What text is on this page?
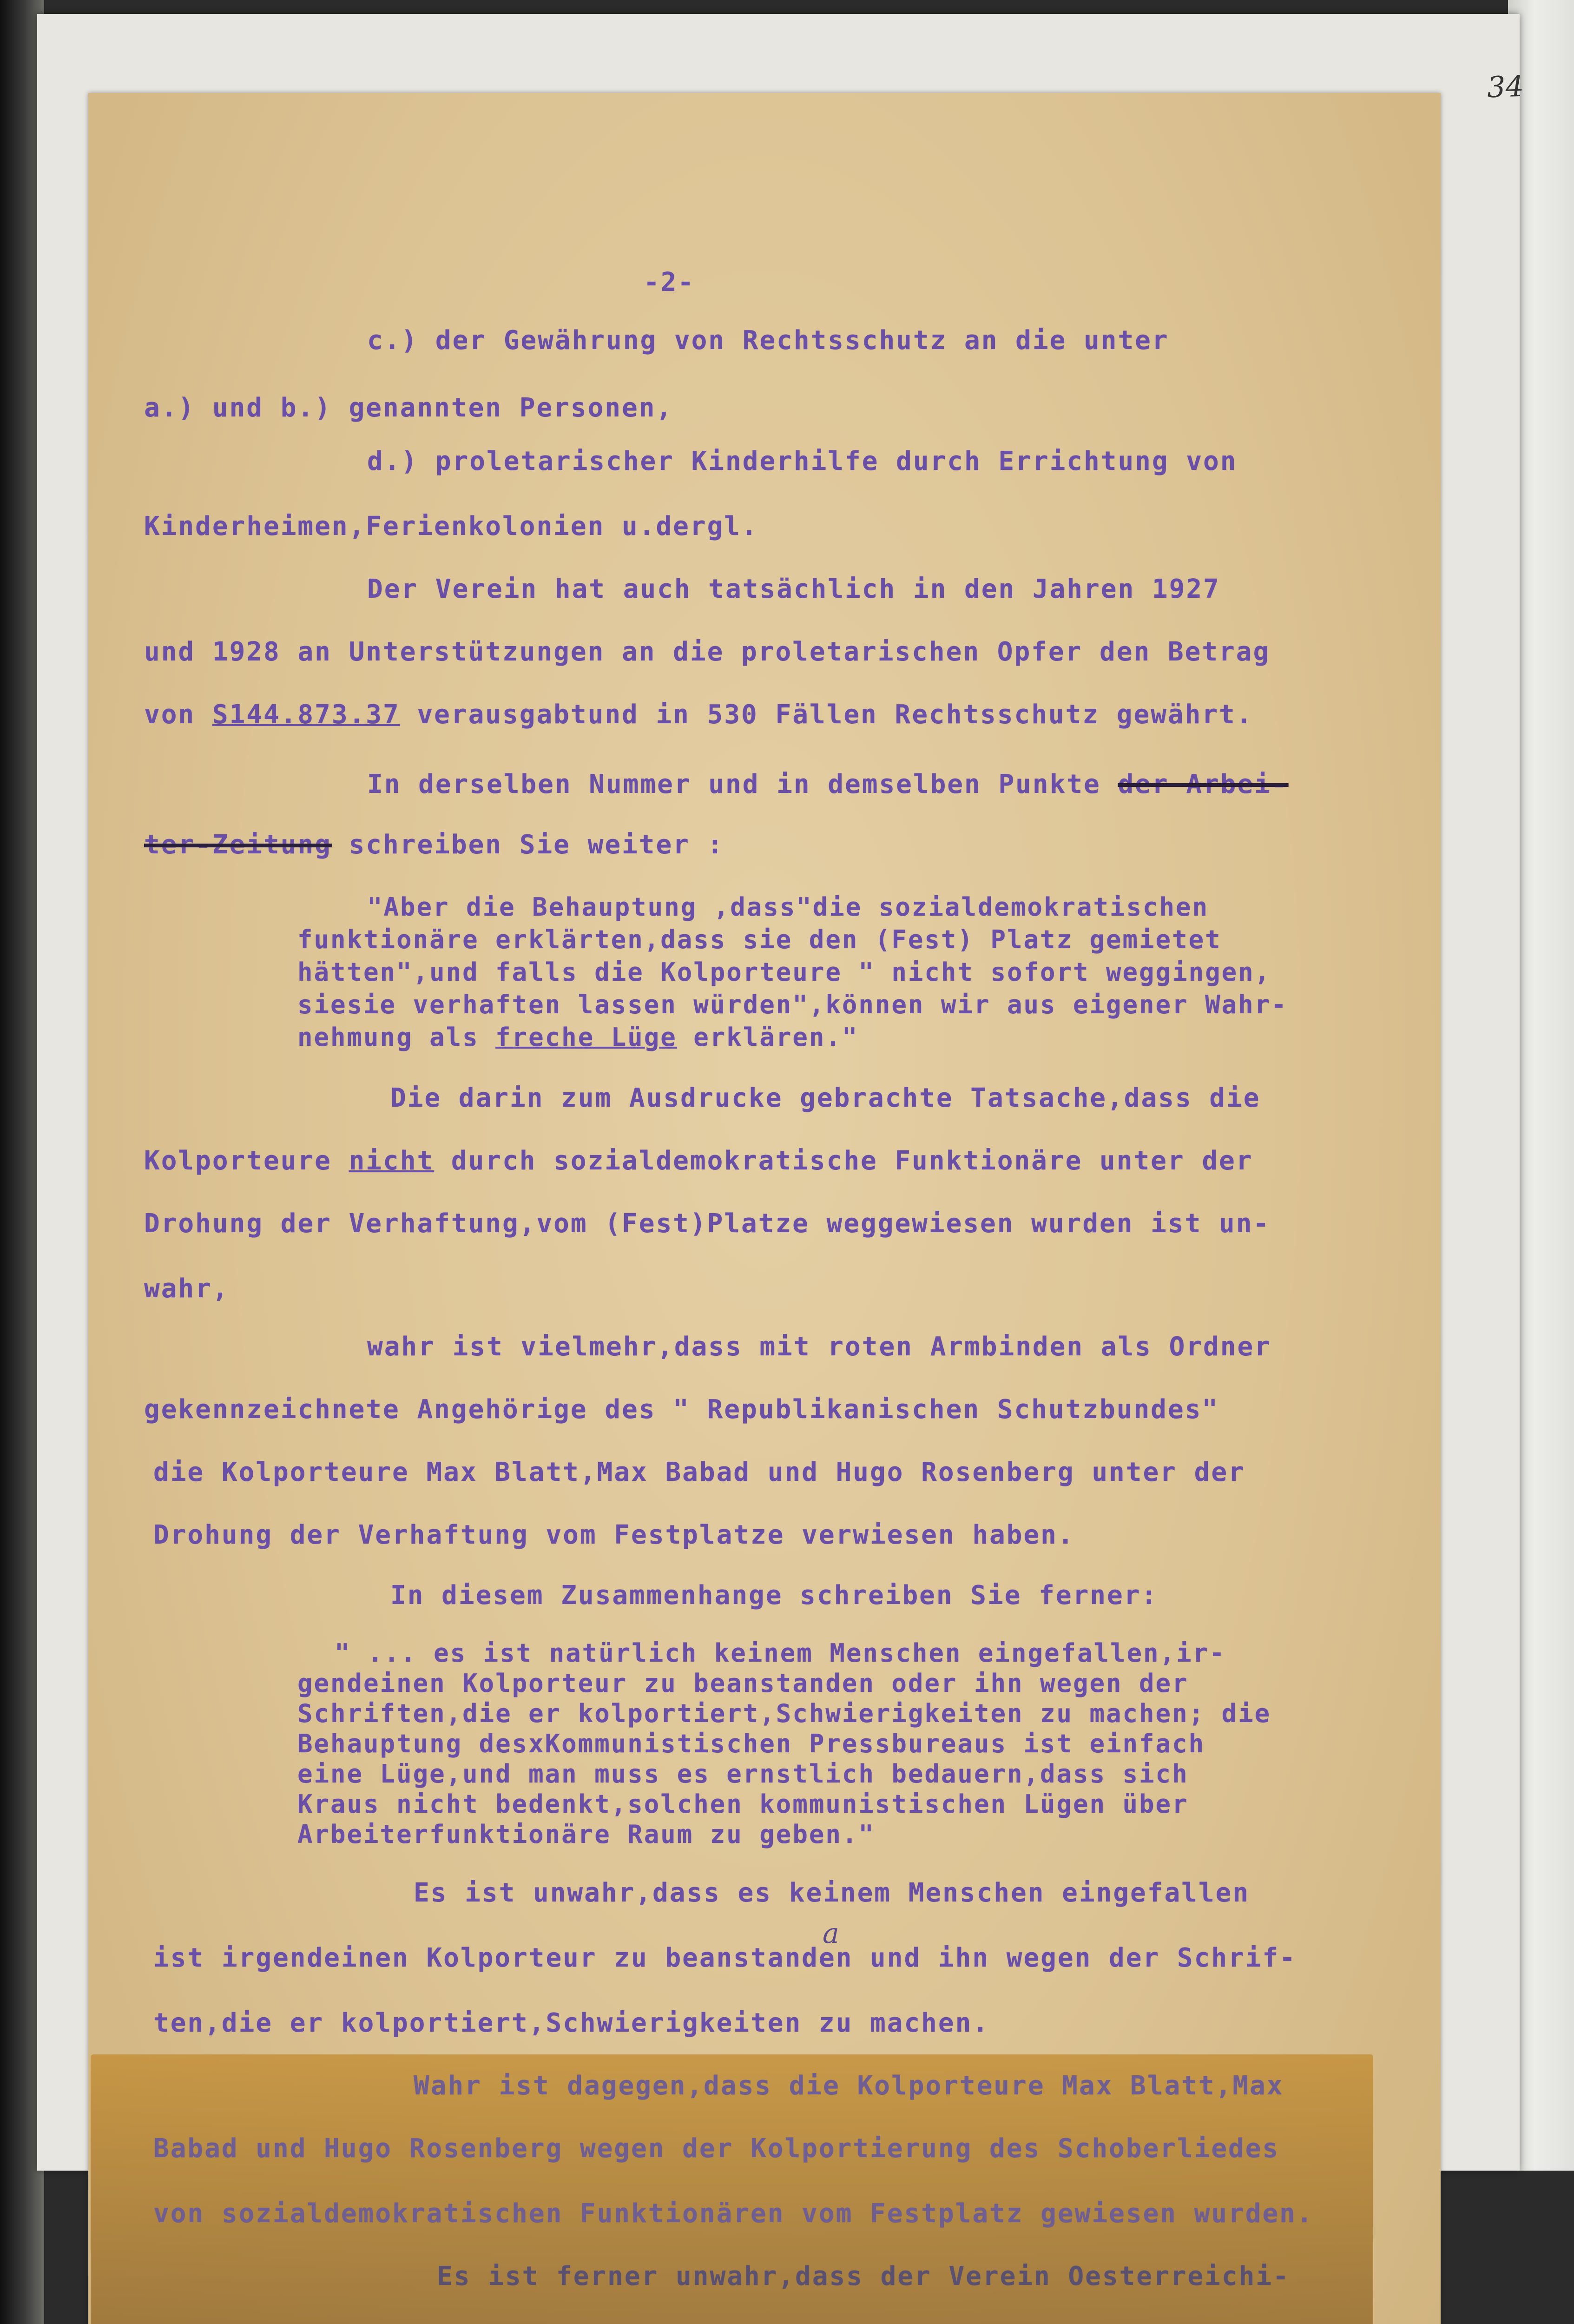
34
-2-
c.) der Gewährung von Rechtsschutz an die unter
a.) und b.) genannten Personen,
d.) proletarischer Kinderhilfe durch Errichtung von
Kinderheimen,Ferienkolonien u.dergl.
Der Verein hat auch tatsächlich in den Jahren 1927
und 1928 an Unterstützungen an die proletarischen Opfer den Betrag
von S144.873.37 verausgabtund in 530 Fällen Rechtsschutz gewährt.
In derselben Nummer und in demselben Punkte der Arbei-
ter-Zeitung schreiben Sie weiter :
"Aber die Behauptung ,dass"die sozialdemokratischen
funktionäre erklärten,dass sie den (Fest) Platz gemietet
hätten",und falls die Kolporteure " nicht sofort weggingen,
siesie verhaften lassen würden",können wir aus eigener Wahr-
nehmung als freche Lüge erklären."
Die darin zum Ausdrucke gebrachte Tatsache,dass die
Kolporteure nicht durch sozialdemokratische Funktionäre unter der
Drohung der Verhaftung,vom (Fest)Platze weggewiesen wurden ist un-
wahr,
wahr ist vielmehr,dass mit roten Armbinden als Ordner
gekennzeichnete Angehörige des " Republikanischen Schutzbundes"
die Kolporteure Max Blatt,Max Babad und Hugo Rosenberg unter der
Drohung der Verhaftung vom Festplatze verwiesen haben.
In diesem Zusammenhange schreiben Sie ferner:
" ... es ist natürlich keinem Menschen eingefallen,ir-
gendeinen Kolporteur zu beanstanden oder ihn wegen der
Schriften,die er kolportiert,Schwierigkeiten zu machen; die
Behauptung desxKommunistischen Pressbureaus ist einfach
eine Lüge,und man muss es ernstlich bedauern,dass sich
Kraus nicht bedenkt,solchen kommunistischen Lügen über
Arbeiterfunktionäre Raum zu geben."
Es ist unwahr,dass es keinem Menschen eingefallen
a
ist irgendeinen Kolporteur zu beanstanden und ihn wegen der Schrif-
ten,die er kolportiert,Schwierigkeiten zu machen.
Wahr ist dagegen,dass die Kolporteure Max Blatt,Max
Babad und Hugo Rosenberg wegen der Kolportierung des Schoberliedes
von sozialdemokratischen Funktionären vom Festplatz gewiesen wurden.
Es ist ferner unwahr,dass der Verein Oesterreichi-
